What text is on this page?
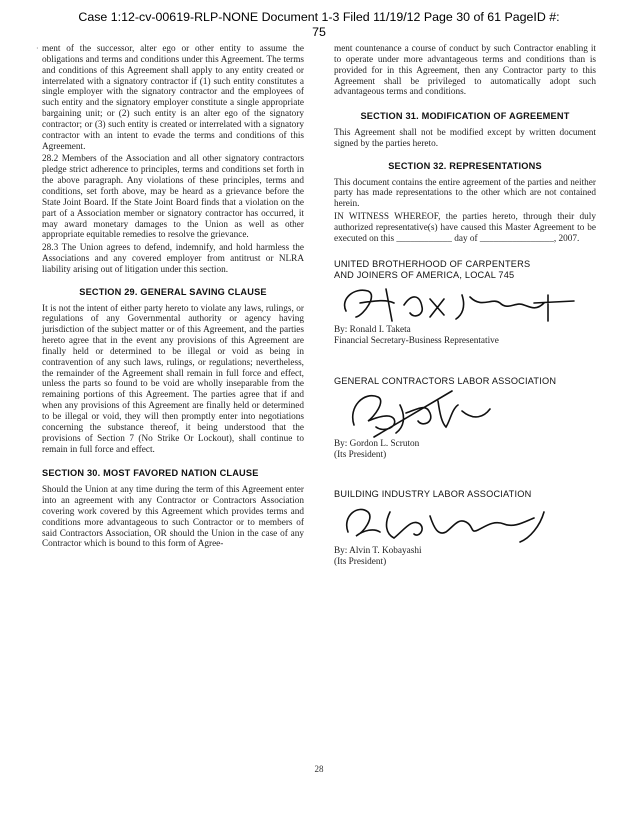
Case 1:12-cv-00619-RLP-NONE Document 1-3 Filed 11/19/12 Page 30 of 61 PageID #:
75
· ment of the successor, alter ego or other entity to assume the obligations and terms and conditions under this Agreement. The terms and conditions of this Agreement shall apply to any entity created or interrelated with a signatory contractor if (1) such entity constitutes a single employer with the signatory contractor and the employees of such entity and the signatory employer constitute a single appropriate bargaining unit; or (2) such entity is an alter ego of the signatory contractor; or (3) such entity is created or interrelated with a signatory contractor with an intent to evade the terms and conditions of this Agreement.

28.2 Members of the Association and all other signatory contractors pledge strict adherence to principles, terms and conditions set forth in the above paragraph. Any violations of these principles, terms and conditions, set forth above, may be heard as a grievance before the State Joint Board. If the State Joint Board finds that a violation on the part of a Association member or signatory contractor has occurred, it may award monetary damages to the Union as well as other appropriate equitable remedies to resolve the grievance.

28.3 The Union agrees to defend, indemnify, and hold harmless the Associations and any covered employer from antitrust or NLRA liability arising out of litigation under this section.

SECTION 29. GENERAL SAVING CLAUSE

It is not the intent of either party hereto to violate any laws, rulings, or regulations of any Governmental authority or agency having jurisdiction of the subject matter or of this Agreement, and the parties hereto agree that in the event any provisions of this Agreement are finally held or determined to be illegal or void as being in contravention of any such laws, rulings, or regulations; nevertheless, the remainder of the Agreement shall remain in full force and effect, unless the parts so found to be void are wholly inseparable from the remaining portions of this Agreement. The parties agree that if and when any provisions of this Agreement are finally held or determined to be illegal or void, they will then promptly enter into negotiations concerning the substance thereof, it being understood that the provisions of Section 7 (No Strike Or Lockout), shall continue to remain in full force and effect.

SECTION 30. MOST FAVORED NATION CLAUSE

Should the Union at any time during the term of this Agreement enter into an agreement with any Contractor or Contractors Association covering work covered by this Agreement which provides terms and conditions more advantageous to such Contractor or to members of said Contractors Association, OR should the Union in the case of any Contractor which is bound to this form of Agree-

ment countenance a course of conduct by such Contractor enabling it to operate under more advantageous terms and conditions than is provided for in this Agreement, then any Contractor party to this Agreement shall be privileged to automatically adopt such advantageous terms and conditions.

SECTION 31. MODIFICATION OF AGREEMENT

This Agreement shall not be modified except by written document signed by the parties hereto.

SECTION 32. REPRESENTATIONS

This document contains the entire agreement of the parties and neither party has made representations to the other which are not contained herein.

IN WITNESS WHEREOF, the parties hereto, through their duly authorized representative(s) have caused this Master Agreement to be executed on this ____________ day of ________________, 2007.

UNITED BROTHERHOOD OF CARPENTERS
AND JOINERS OF AMERICA, LOCAL 745
By: Ronald I. Taketa
Financial Secretary-Business Representative
GENERAL CONTRACTORS LABOR ASSOCIATION
By: Gordon L. Scruton
(Its President)
BUILDING INDUSTRY LABOR ASSOCIATION
By: Alvin T. Kobayashi
(Its President)
28
